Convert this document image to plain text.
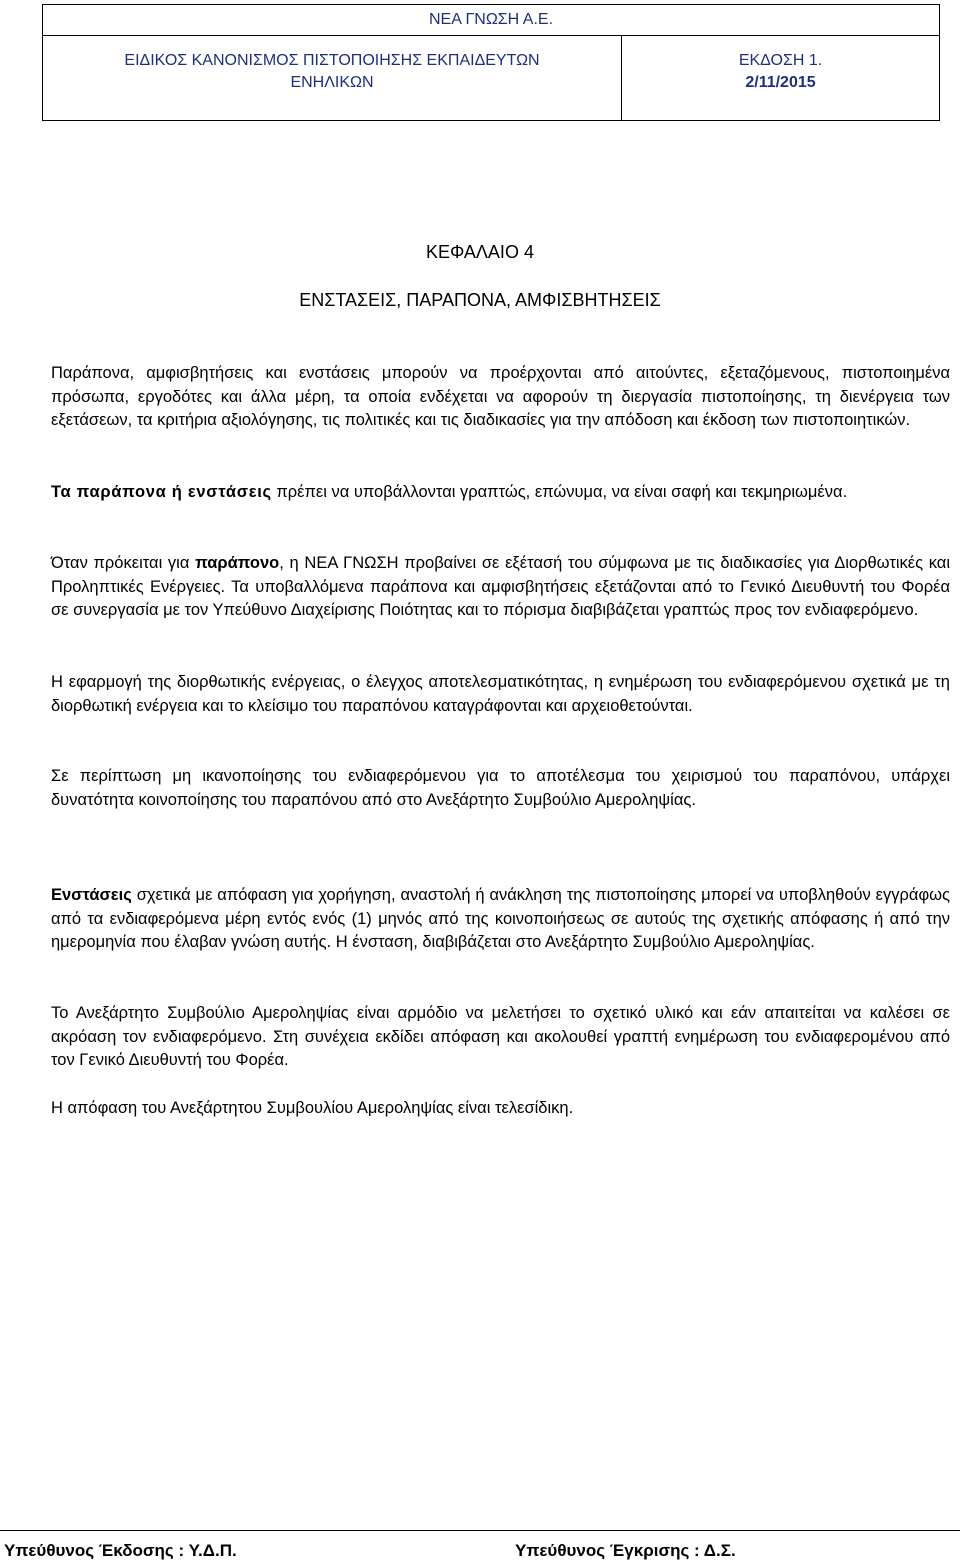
ΝΕΑ ΓΝΩΣΗ Α.Ε.
ΕΙΔΙΚΟΣ ΚΑΝΟΝΙΣΜΟΣ ΠΙΣΤΟΠΟΙΗΣΗΣ ΕΚΠΑΙΔΕΥΤΩΝ
ΕΝΗΛΙΚΩΝ
ΕΚΔΟΣΗ 1.
2/11/2015
ΚΕΦΑΛΑΙΟ 4
ΕΝΣΤΑΣΕΙΣ, ΠΑΡΑΠΟΝΑ, ΑΜΦΙΣΒΗΤΗΣΕΙΣ

Παράπονα, αμφισβητήσεις και ενστάσεις μπορούν να προέρχονται από αιτούντες, εξεταζόμενους, πιστοποιημένα πρόσωπα, εργοδότες και άλλα μέρη, τα οποία ενδέχεται να αφορούν τη διεργασία πιστοποίησης, τη διενέργεια των εξετάσεων, τα κριτήρια αξιολόγησης, τις πολιτικές και τις διαδικασίες για την απόδοση και έκδοση των πιστοποιητικών.

Τα παράπονα ή ενστάσεις πρέπει να υποβάλλονται γραπτώς, επώνυμα, να είναι σαφή και τεκμηριωμένα.

Όταν πρόκειται για παράπονο, η ΝΕΑ ΓΝΩΣΗ προβαίνει σε εξέτασή του σύμφωνα με τις διαδικασίες για Διορθωτικές και Προληπτικές Ενέργειες. Τα υποβαλλόμενα παράπονα και αμφισβητήσεις εξετάζονται από το Γενικό Διευθυντή του Φορέα σε συνεργασία με τον Υπεύθυνο Διαχείρισης Ποιότητας και το πόρισμα διαβιβάζεται γραπτώς προς τον ενδιαφερόμενο.

Η εφαρμογή της διορθωτικής ενέργειας, ο έλεγχος αποτελεσματικότητας, η ενημέρωση του ενδιαφερόμενου σχετικά με τη διορθωτική ενέργεια και το κλείσιμο του παραπόνου καταγράφονται και αρχειοθετούνται.

Σε περίπτωση μη ικανοποίησης του ενδιαφερόμενου για το αποτέλεσμα του χειρισμού του παραπόνου, υπάρχει δυνατότητα κοινοποίησης του παραπόνου από στο Ανεξάρτητο Συμβούλιο Αμεροληψίας.

Ενστάσεις σχετικά με απόφαση για χορήγηση, αναστολή ή ανάκληση της πιστοποίησης μπορεί να υποβληθούν εγγράφως από τα ενδιαφερόμενα μέρη εντός ενός (1) μηνός από της κοινοποιήσεως σε αυτούς της σχετικής απόφασης ή από την ημερομηνία που έλαβαν γνώση αυτής. Η ένσταση, διαβιβάζεται στο Ανεξάρτητο Συμβούλιο Αμεροληψίας.

Το Ανεξάρτητο Συμβούλιο Αμεροληψίας είναι αρμόδιο να μελετήσει το σχετικό υλικό και εάν απαιτείται να καλέσει σε ακρόαση τον ενδιαφερόμενο. Στη συνέχεια εκδίδει απόφαση και ακολουθεί γραπτή ενημέρωση του ενδιαφερομένου από τον Γενικό Διευθυντή του Φορέα.

Η απόφαση του Ανεξάρτητου Συμβουλίου Αμεροληψίας είναι τελεσίδικη.

Υπεύθυνος Έκδοσης : Υ.Δ.Π.	Υπεύθυνος Έγκρισης : Δ.Σ.
